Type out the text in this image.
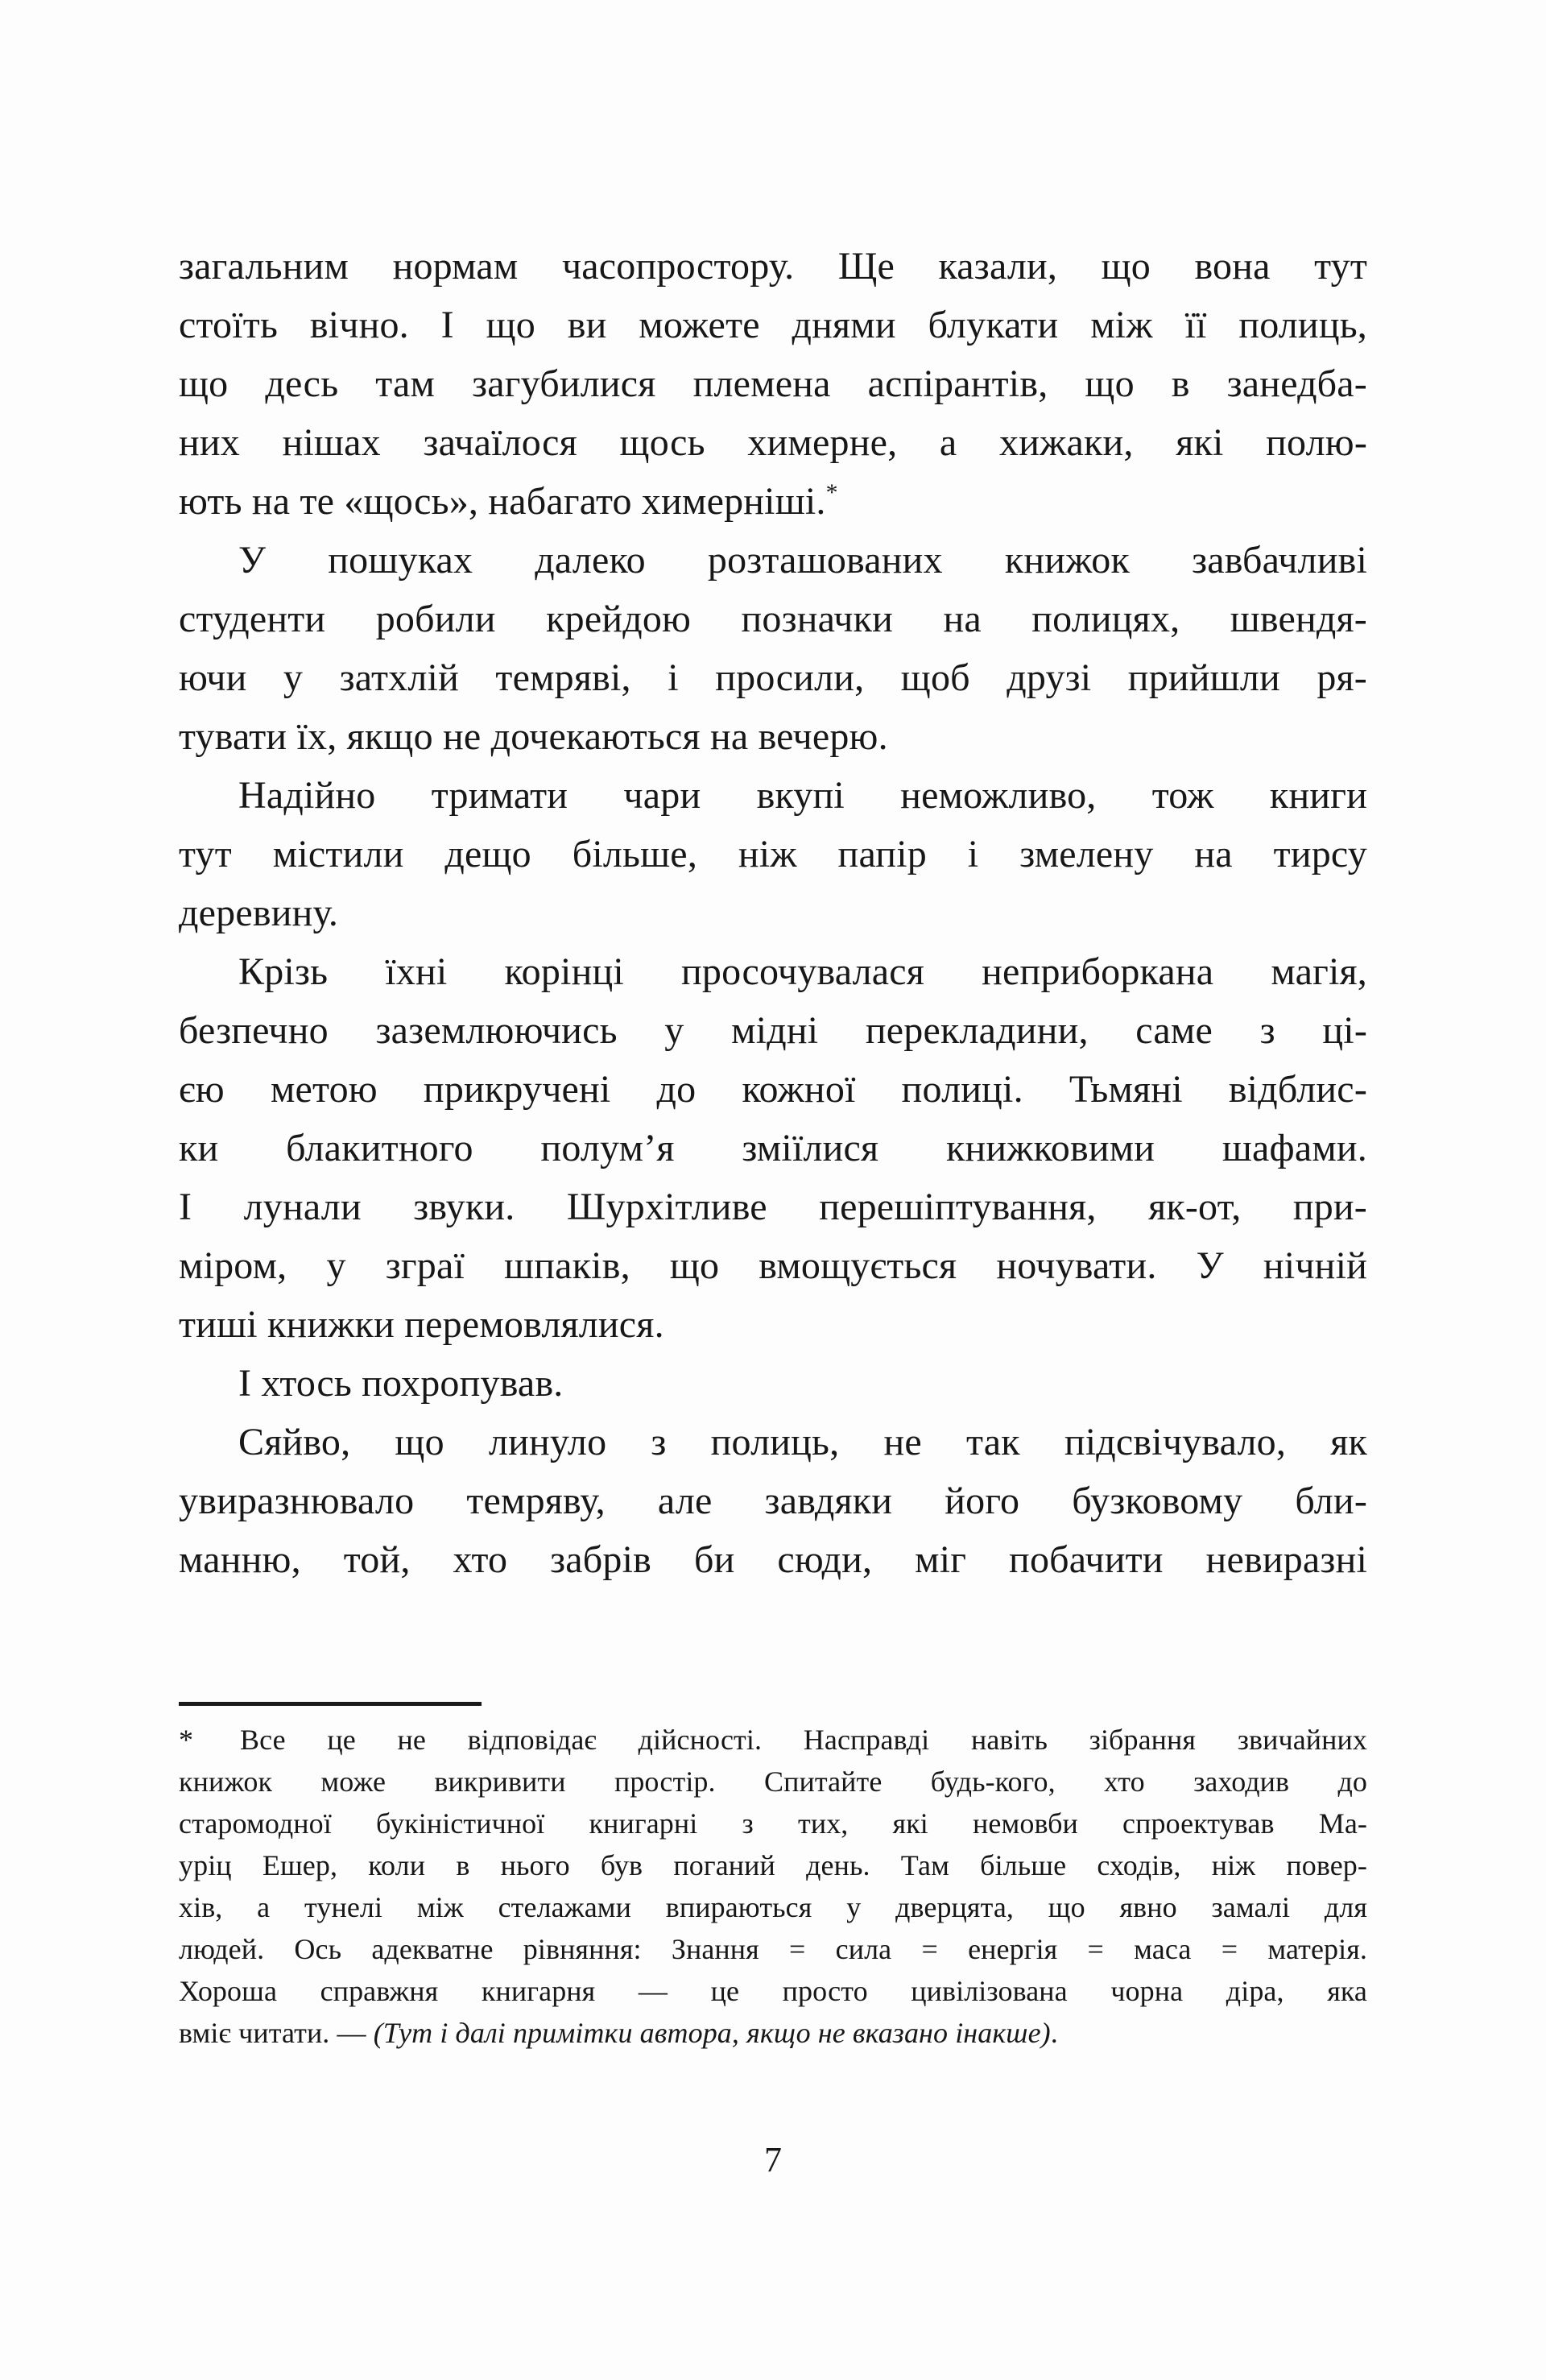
загальним нормам часопростору. Ще казали, що вона тут
стоїть вічно. І що ви можете днями блукати між її полиць,
що десь там загубилися племена аспірантів, що в занедба-
них нішах зачаїлося щось химерне, а хижаки, які полю-
ють на те «щось», набагато химерніші.*
У пошуках далеко розташованих книжок завбачливі
студенти робили крейдою позначки на полицях, швендя-
ючи у затхлій темряві, і просили, щоб друзі прийшли ря-
тувати їх, якщо не дочекаються на вечерю.
Надійно тримати чари вкупі неможливо, тож книги
тут містили дещо більше, ніж папір і змелену на тирсу
деревину.
Крізь їхні корінці просочувалася неприборкана магія,
безпечно заземлюючись у мідні перекладини, саме з ці-
єю метою прикручені до кожної полиці. Тьмяні відблис-
ки блакитного полум’я зміїлися книжковими шафами.
І лунали звуки. Шурхітливе перешіптування, як-от, при-
міром, у зграї шпаків, що вмощується ночувати. У нічній
тиші книжки перемовлялися.
І хтось похропував.
Сяйво, що линуло з полиць, не так підсвічувало, як
увиразнювало темряву, але завдяки його бузковому бли-
манню, той, хто забрів би сюди, міг побачити невиразні
* Все це не відповідає дійсності. Насправді навіть зібрання звичайних
книжок може викривити простір. Спитайте будь-кого, хто заходив до
старомодної букіністичної книгарні з тих, які немовби спроектував Ма-
уріц Ешер, коли в нього був поганий день. Там більше сходів, ніж повер-
хів, а тунелі між стелажами впираються у дверцята, що явно замалі для
людей. Ось адекватне рівняння: Знання = сила = енергія = маса = матерія.
Хороша справжня книгарня — це просто цивілізована чорна діра, яка
вміє читати. — (Тут і далі примітки автора, якщо не вказано інакше).
7
